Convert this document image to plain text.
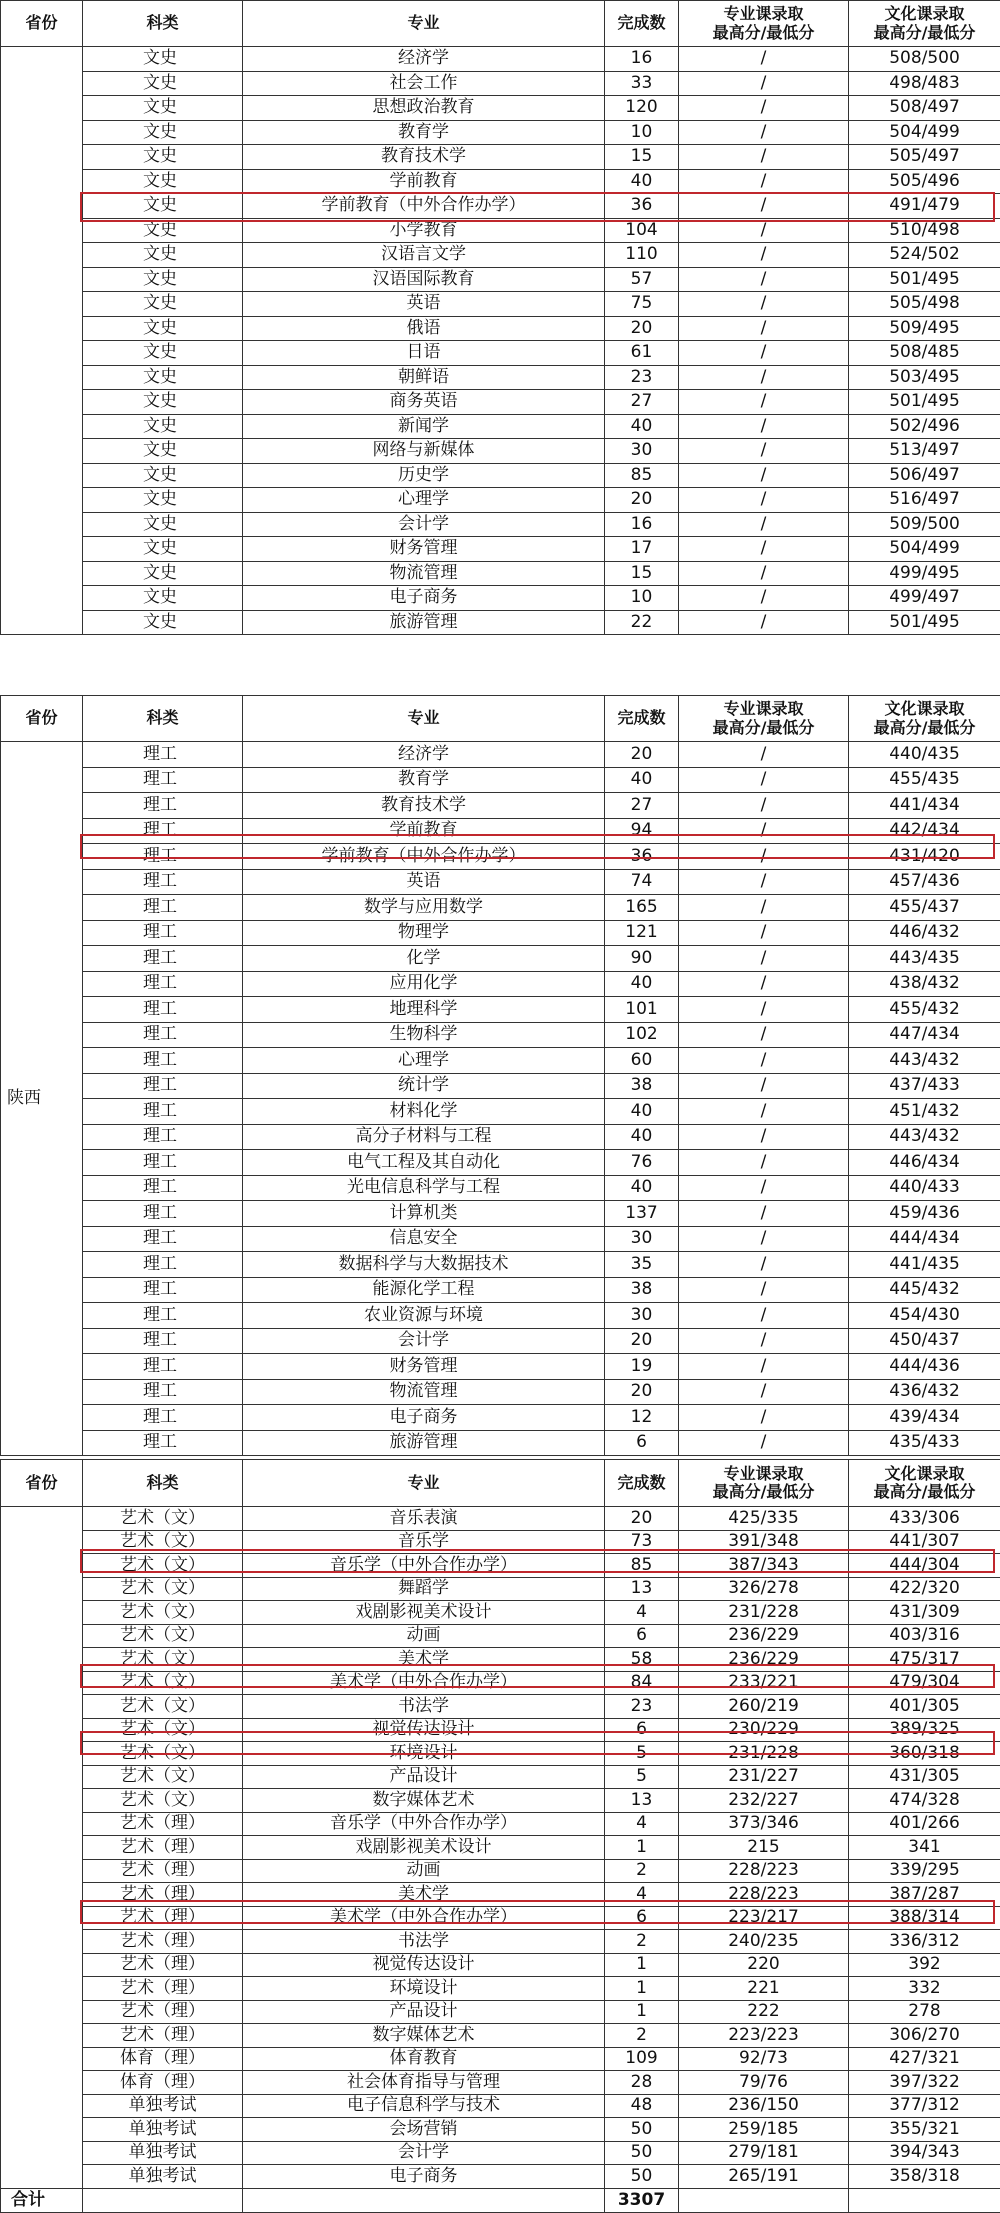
省份	科类	专业	完成数	专业课录取
最高分/最低分	文化课录取
最高分/最低分
	文史	经济学	16	/	508/500
	文史	社会工作	33	/	498/483
	文史	思想政治教育	120	/	508/497
	文史	教育学	10	/	504/499
	文史	教育技术学	15	/	505/497
	文史	学前教育	40	/	505/496
	文史	学前教育（中外合作办学）	36	/	491/479
	文史	小学教育	104	/	510/498
	文史	汉语言文学	110	/	524/502
	文史	汉语国际教育	57	/	501/495
	文史	英语	75	/	505/498
	文史	俄语	20	/	509/495
	文史	日语	61	/	508/485
	文史	朝鲜语	23	/	503/495
	文史	商务英语	27	/	501/495
	文史	新闻学	40	/	502/496
	文史	网络与新媒体	30	/	513/497
	文史	历史学	85	/	506/497
	文史	心理学	20	/	516/497
	文史	会计学	16	/	509/500
	文史	财务管理	17	/	504/499
	文史	物流管理	15	/	499/495
	文史	电子商务	10	/	499/497
	文史	旅游管理	22	/	501/495
省份	科类	专业	完成数	专业课录取
最高分/最低分	文化课录取
最高分/最低分
陕西	理工	经济学	20	/	440/435
	理工	教育学	40	/	455/435
	理工	教育技术学	27	/	441/434
	理工	学前教育	94	/	442/434
	理工	学前教育（中外合作办学）	36	/	431/420
	理工	英语	74	/	457/436
	理工	数学与应用数学	165	/	455/437
	理工	物理学	121	/	446/432
	理工	化学	90	/	443/435
	理工	应用化学	40	/	438/432
	理工	地理科学	101	/	455/432
	理工	生物科学	102	/	447/434
	理工	心理学	60	/	443/432
	理工	统计学	38	/	437/433
	理工	材料化学	40	/	451/432
	理工	高分子材料与工程	40	/	443/432
	理工	电气工程及其自动化	76	/	446/434
	理工	光电信息科学与工程	40	/	440/433
	理工	计算机类	137	/	459/436
	理工	信息安全	30	/	444/434
	理工	数据科学与大数据技术	35	/	441/435
	理工	能源化学工程	38	/	445/432
	理工	农业资源与环境	30	/	454/430
	理工	会计学	20	/	450/437
	理工	财务管理	19	/	444/436
	理工	物流管理	20	/	436/432
	理工	电子商务	12	/	439/434
	理工	旅游管理	6	/	435/433
省份	科类	专业	完成数	专业课录取
最高分/最低分	文化课录取
最高分/最低分
	艺术（文）	音乐表演	20	425/335	433/306
	艺术（文）	音乐学	73	391/348	441/307
	艺术（文）	音乐学（中外合作办学）	85	387/343	444/304
	艺术（文）	舞蹈学	13	326/278	422/320
	艺术（文）	戏剧影视美术设计	4	231/228	431/309
	艺术（文）	动画	6	236/229	403/316
	艺术（文）	美术学	58	236/229	475/317
	艺术（文）	美术学（中外合作办学）	84	233/221	479/304
	艺术（文）	书法学	23	260/219	401/305
	艺术（文）	视觉传达设计	6	230/229	389/325
	艺术（文）	环境设计	5	231/228	360/318
	艺术（文）	产品设计	5	231/227	431/305
	艺术（文）	数字媒体艺术	13	232/227	474/328
	艺术（理）	音乐学（中外合作办学）	4	373/346	401/266
	艺术（理）	戏剧影视美术设计	1	215	341
	艺术（理）	动画	2	228/223	339/295
	艺术（理）	美术学	4	228/223	387/287
	艺术（理）	美术学（中外合作办学）	6	223/217	388/314
	艺术（理）	书法学	2	240/235	336/312
	艺术（理）	视觉传达设计	1	220	392
	艺术（理）	环境设计	1	221	332
	艺术（理）	产品设计	1	222	278
	艺术（理）	数字媒体艺术	2	223/223	306/270
	体育（理）	体育教育	109	92/73	427/321
	体育（理）	社会体育指导与管理	28	79/76	397/322
	单独考试	电子信息科学与技术	48	236/150	377/312
	单独考试	会场营销	50	259/185	355/321
	单独考试	会计学	50	279/181	394/343
	单独考试	电子商务	50	265/191	358/318
合计			3307		
